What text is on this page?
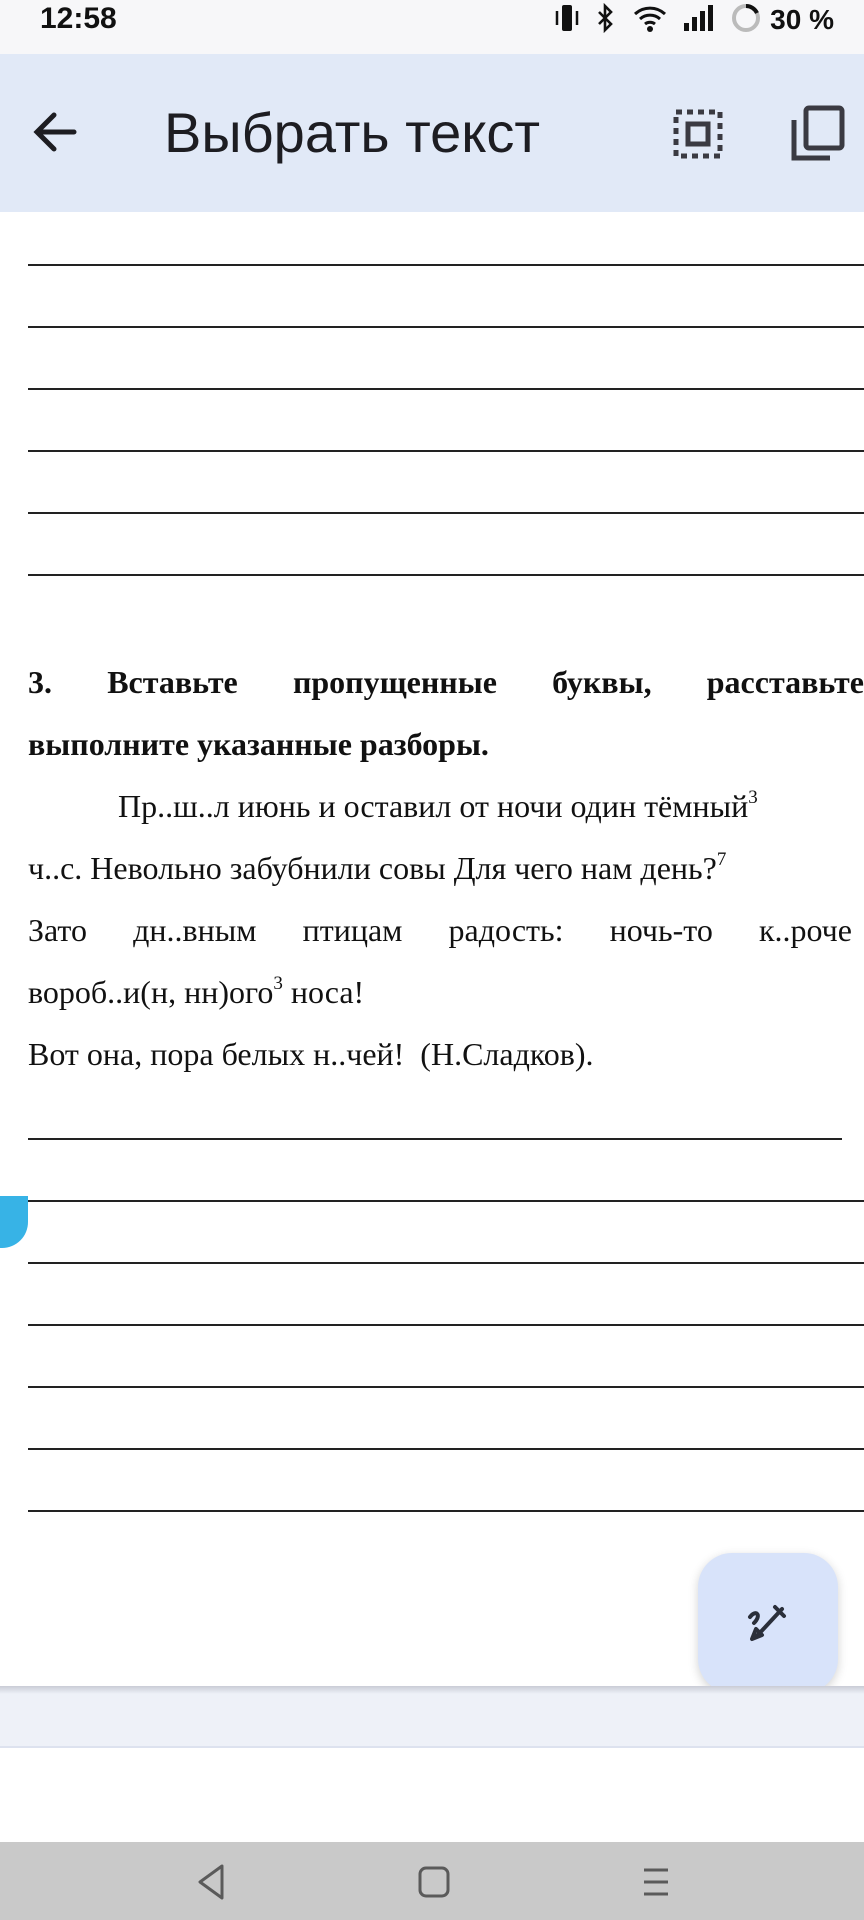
12:58	30 %
Выбрать текст
3. Вставьте пропущенные буквы, расставьте
выполните указанные разборы.
Пр..ш..л июнь и оставил от ночи один тёмный$^3$
ч..с. Невольно забубнили совы Для чего нам день?$^7$
Зато дн..вным птицам радость: ночь-то к..роче
вороб..и(н, нн)ого$^3$ носа!
Вот она, пора белых н..чей!  (Н.Сладков).
